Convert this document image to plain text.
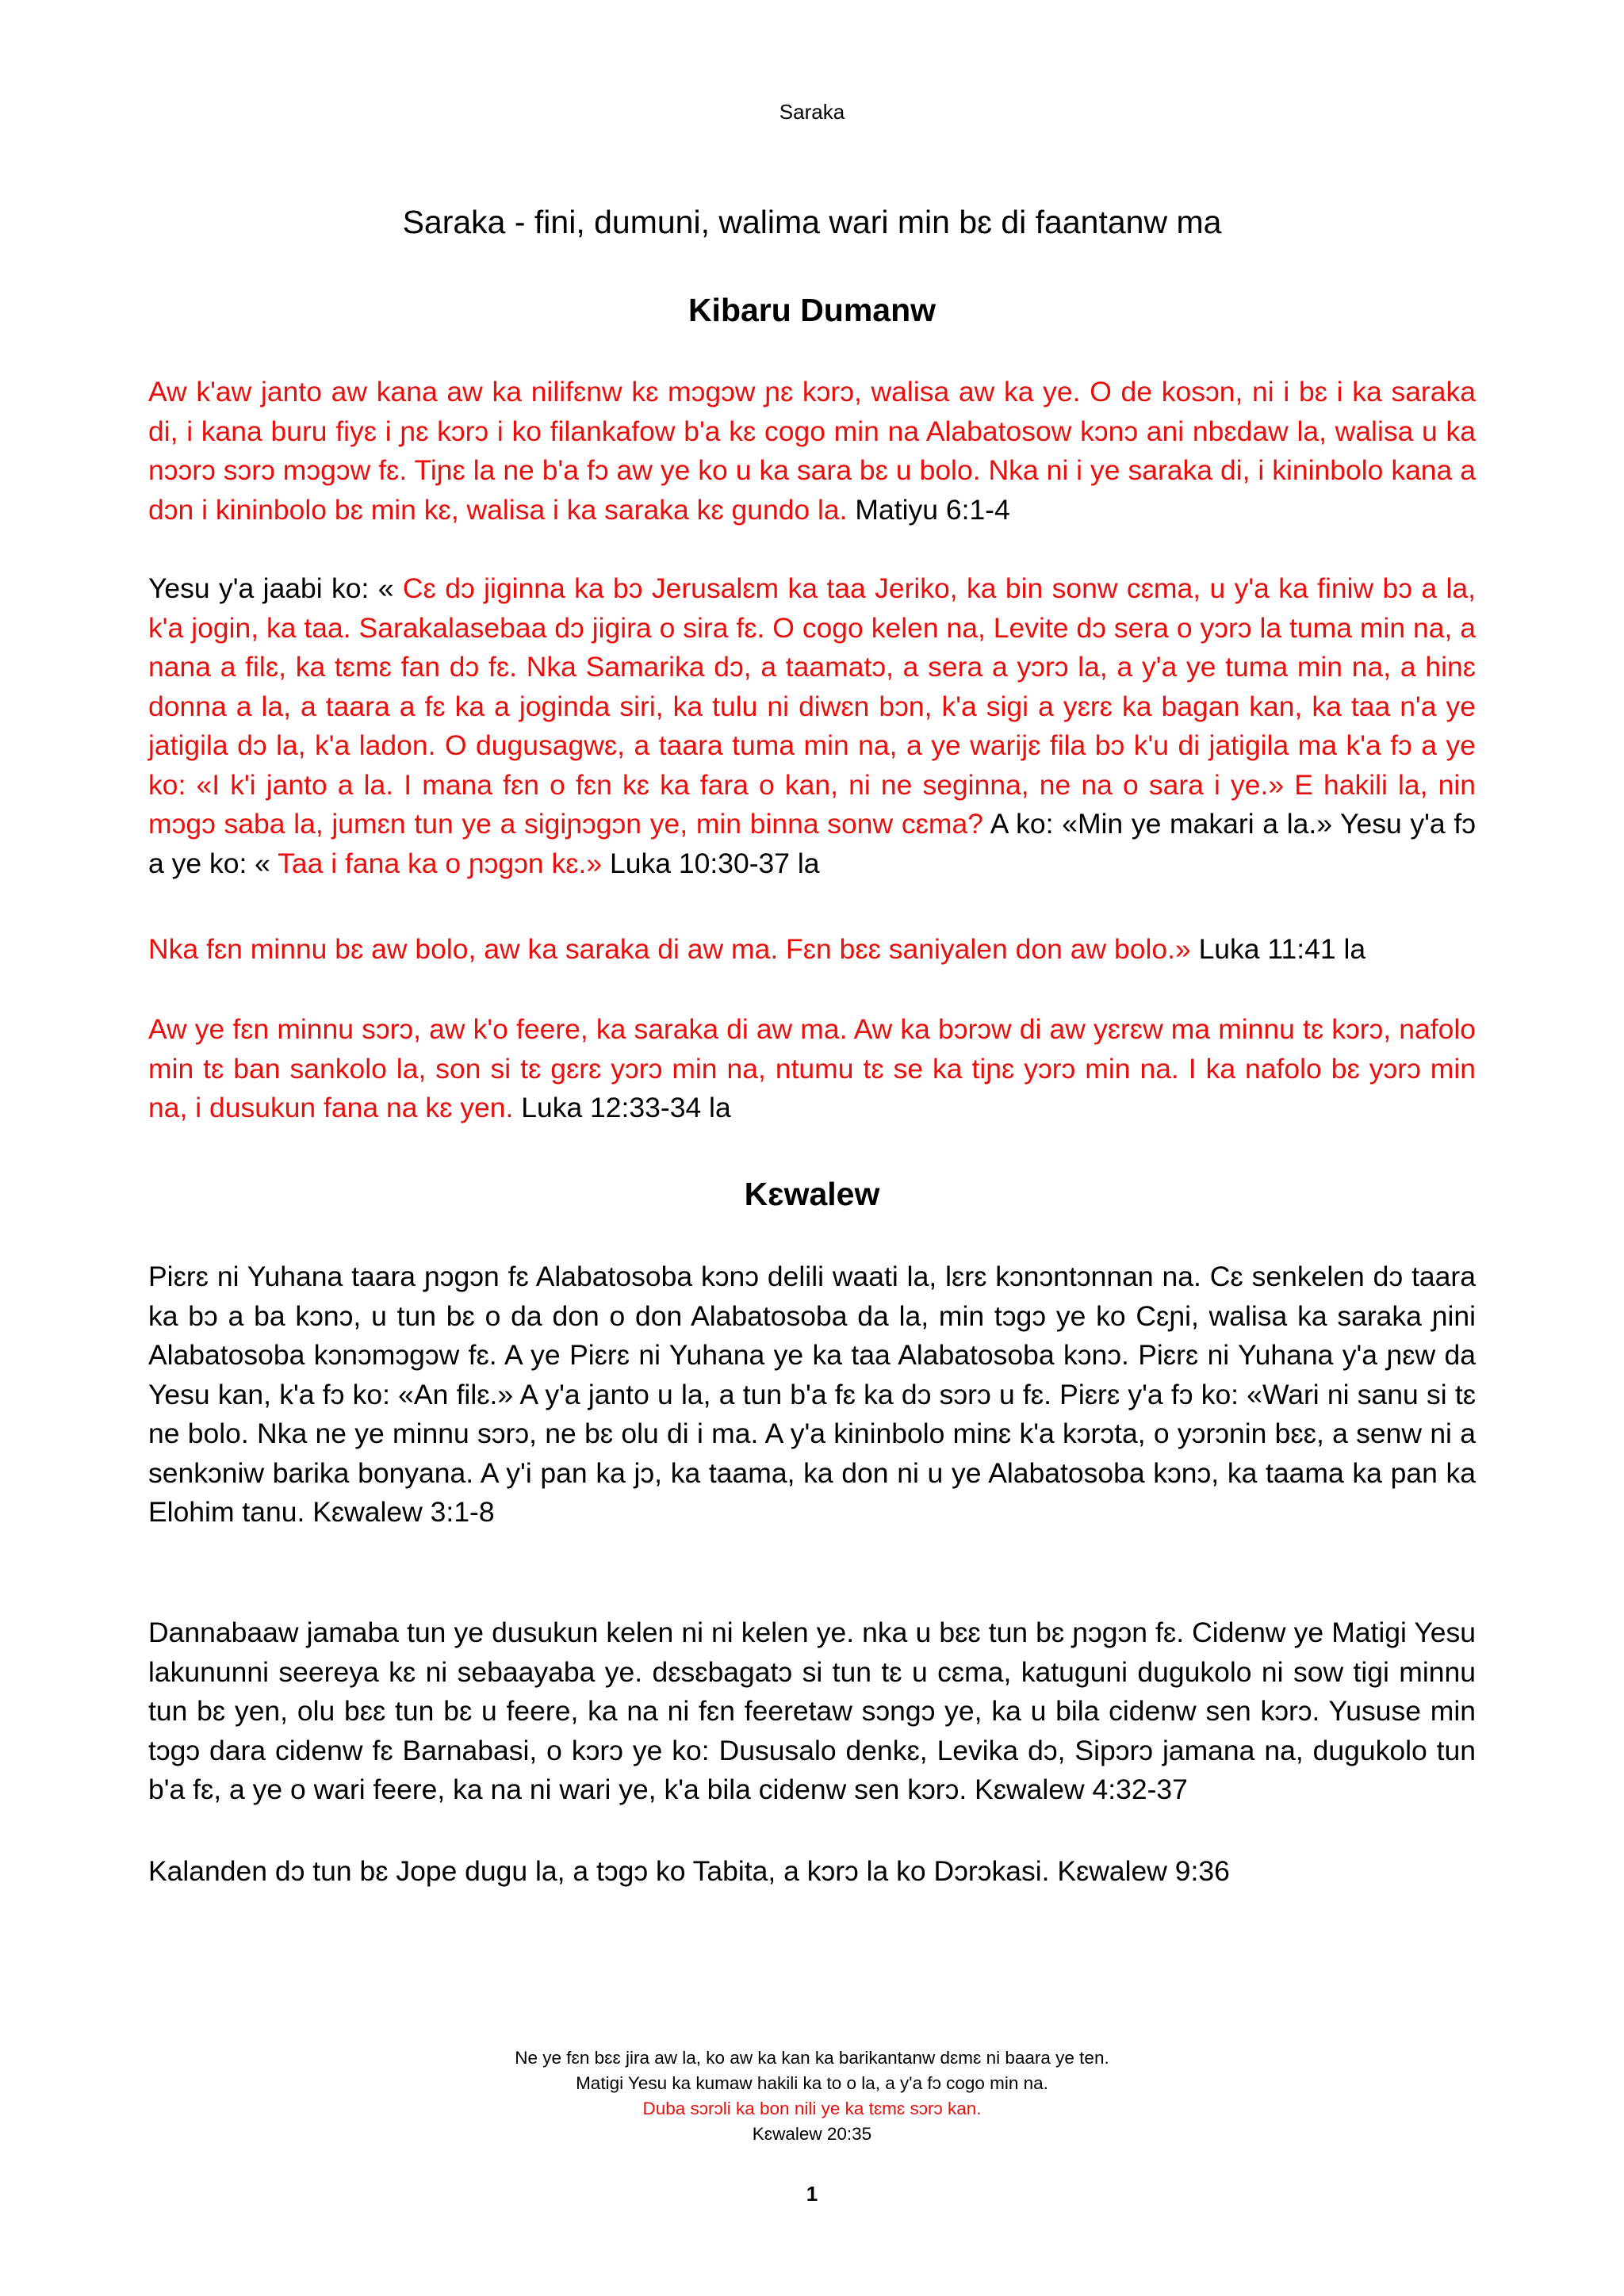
Saraka
Saraka - fini, dumuni, walima wari min bɛ di faantanw ma
Kibaru Dumanw

Aw k'aw janto aw kana aw ka nilifɛnw kɛ mɔgɔw ɲɛ kɔrɔ, walisa aw ka ye. O de kosɔn, ni i bɛ i ka saraka di, i kana buru fiyɛ i ɲɛ kɔrɔ i ko filankafow b'a kɛ cogo min na Alabatosow kɔnɔ ani nbɛdaw la, walisa u ka nɔɔrɔ sɔrɔ mɔgɔw fɛ. Tiɲɛ la ne b'a fɔ aw ye ko u ka sara bɛ u bolo. Nka ni i ye saraka di, i kininbolo kana a dɔn i kininbolo bɛ min kɛ, walisa i ka saraka kɛ gundo la. Matiyu 6:1-4

Yesu y'a jaabi ko: « Cɛ dɔ jiginna ka bɔ Jerusalɛm ka taa Jeriko, ka bin sonw cɛma, u y'a ka finiw bɔ a la, k'a jogin, ka taa. Sarakalasebaa dɔ jigira o sira fɛ. O cogo kelen na, Levite dɔ sera o yɔrɔ la tuma min na, a nana a filɛ, ka tɛmɛ fan dɔ fɛ. Nka Samarika dɔ, a taamatɔ, a sera a yɔrɔ la, a y'a ye tuma min na, a hinɛ donna a la, a taara a fɛ ka a joginda siri, ka tulu ni diwɛn bɔn, k'a sigi a yɛrɛ ka bagan kan, ka taa n'a ye jatigila dɔ la, k'a ladon. O dugusagwɛ, a taara tuma min na, a ye warijɛ fila bɔ k'u di jatigila ma k'a fɔ a ye ko: «I k'i janto a la. I mana fɛn o fɛn kɛ ka fara o kan, ni ne seginna, ne na o sara i ye.» E hakili la, nin mɔgɔ saba la, jumɛn tun ye a sigiɲɔgɔn ye, min binna sonw cɛma? A ko: «Min ye makari a la.» Yesu y'a fɔ a ye ko: « Taa i fana ka o ɲɔgɔn kɛ.» Luka 10:30-37 la

Nka fɛn minnu bɛ aw bolo, aw ka saraka di aw ma. Fɛn bɛɛ saniyalen don aw bolo.» Luka 11:41 la

Aw ye fɛn minnu sɔrɔ, aw k'o feere, ka saraka di aw ma. Aw ka bɔrɔw di aw yɛrɛw ma minnu tɛ kɔrɔ, nafolo min tɛ ban sankolo la, son si tɛ gɛrɛ yɔrɔ min na, ntumu tɛ se ka tiɲɛ yɔrɔ min na. I ka nafolo bɛ yɔrɔ min na, i dusukun fana na kɛ yen. Luka 12:33-34 la

Kɛwalew

Piɛrɛ ni Yuhana taara ɲɔgɔn fɛ Alabatosoba kɔnɔ delili waati la, lɛrɛ kɔnɔntɔnnan na. Cɛ senkelen dɔ taara ka bɔ a ba kɔnɔ, u tun bɛ o da don o don Alabatosoba da la, min tɔgɔ ye ko Cɛɲi, walisa ka saraka ɲini Alabatosoba kɔnɔmɔgɔw fɛ. A ye Piɛrɛ ni Yuhana ye ka taa Alabatosoba kɔnɔ. Piɛrɛ ni Yuhana y'a ɲɛw da Yesu kan, k'a fɔ ko: «An filɛ.» A y'a janto u la, a tun b'a fɛ ka dɔ sɔrɔ u fɛ. Piɛrɛ y'a fɔ ko: «Wari ni sanu si tɛ ne bolo. Nka ne ye minnu sɔrɔ, ne bɛ olu di i ma. A y'a kininbolo minɛ k'a kɔrɔta, o yɔrɔnin bɛɛ, a senw ni a senkɔniw barika bonyana. A y'i pan ka jɔ, ka taama, ka don ni u ye Alabatosoba kɔnɔ, ka taama ka pan ka Elohim tanu. Kɛwalew 3:1-8

Dannabaaw jamaba tun ye dusukun kelen ni ni kelen ye. nka u bɛɛ tun bɛ ɲɔgɔn fɛ. Cidenw ye Matigi Yesu lakununni seereya kɛ ni sebaayaba ye. dɛsɛbagatɔ si tun tɛ u cɛma, katuguni dugukolo ni sow tigi minnu tun bɛ yen, olu bɛɛ tun bɛ u feere, ka na ni fɛn feeretaw sɔngɔ ye, ka u bila cidenw sen kɔrɔ. Yususe min tɔgɔ dara cidenw fɛ Barnabasi, o kɔrɔ ye ko: Dususalo denkɛ, Levika dɔ, Sipɔrɔ jamana na, dugukolo tun b'a fɛ, a ye o wari feere, ka na ni wari ye, k'a bila cidenw sen kɔrɔ. Kɛwalew 4:32-37

Kalanden dɔ tun bɛ Jope dugu la, a tɔgɔ ko Tabita, a kɔrɔ la ko Dɔrɔkasi. Kɛwalew 9:36

Ne ye fɛn bɛɛ jira aw la, ko aw ka kan ka barikantanw dɛmɛ ni baara ye ten.
Matigi Yesu ka kumaw hakili ka to o la, a y'a fɔ cogo min na.
Duba sɔrɔli ka bon nili ye ka tɛmɛ sɔrɔ kan.
Kɛwalew 20:35
1
